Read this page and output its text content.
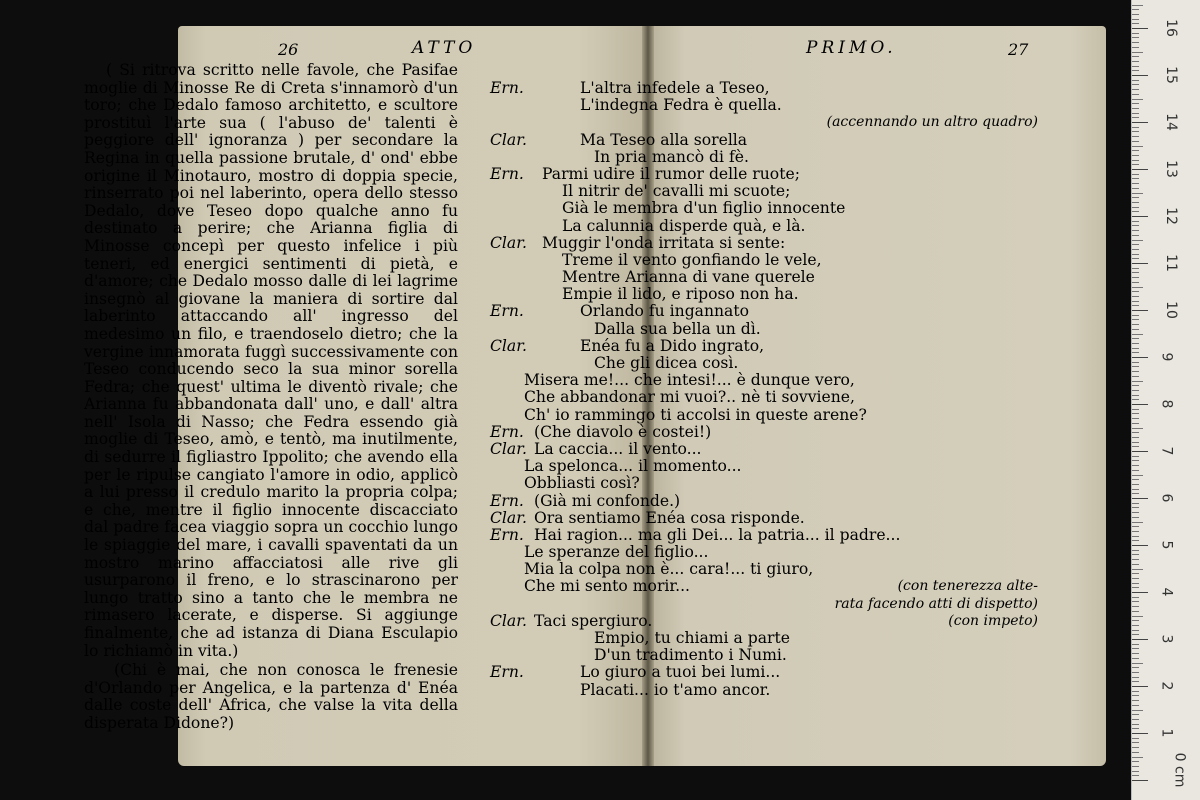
26	ATTO

( Si ritrova scritto nelle favole, che Pasifae moglie di Minosse Re di Creta s'innamorò d'un toro; che Dedalo famoso architetto, e scultore prostituì l'arte sua ( l'abuso de' talenti è peggiore dell' ignoranza ) per secondare la Regina in quella passione brutale, d' ond' ebbe origine il Minotauro, mostro di doppia specie, rinserrato poi nel laberinto, opera dello stesso Dedalo, dove Teseo dopo qualche anno fu destinato a perire; che Arianna figlia di Minosse concepì per questo infelice i più teneri, ed energici sentimenti di pietà, e d'amore; che Dedalo mosso dalle di lei lagrime insegnò al giovane la maniera di sortire dal laberinto attaccando all' ingresso del medesimo un filo, e traendoselo dietro; che la vergine innamorata fuggì successivamente con Teseo conducendo seco la sua minor sorella Fedra; che quest' ultima le diventò rivale; che Arianna fu abbandonata dall' uno, e dall' altra nell' Isola di Nasso; che Fedra essendo già moglie di Teseo, amò, e tentò, ma inutilmente, di sedurre il figliastro Ippolito; che avendo ella per le ripulse cangiato l'amore in odio, applicò a lui presso il credulo marito la propria colpa; e che, mentre il figlio innocente discacciato dal padre facea viaggio sopra un cocchio lungo le spiaggie del mare, i cavalli spaventati da un mostro marino affacciatosi alle rive gli usurparono il freno, e lo strascinarono per lungo tratto sino a tanto che le membra ne rimasero lacerate, e disperse. Si aggiunge finalmente, che ad istanza di Diana Esculapio lo richiamò in vita.)

(Chi è mai, che non conosca le frenesie d'Orlando per Angelica, e la partenza d' Enéa dalle coste dell' Africa, che valse la vita della disperata Didone?)

PRIMO.	27
Ern.	L'altra infedele a Teseo,
L'indegna Fedra è quella.
(accennando un altro quadro)
Clar.	Ma Teseo alla sorella
In pria mancò di fè.
Ern. Parmi udire il rumor delle ruote;
Il nitrir de' cavalli mi scuote;
Già le membra d'un figlio innocente
La calunnia disperde quà, e là.
Clar. Muggir l'onda irritata si sente:
Treme il vento gonfiando le vele,
Mentre Arianna di vane querele
Empie il lido, e riposo non ha.
Ern.	Orlando fu ingannato
Dalla sua bella un dì.
Clar.	Enéa fu a Dido ingrato,
Che gli dicea così.
Misera me!... che intesi!... è dunque vero,
Che abbandonar mi vuoi?.. nè ti sovviene,
Ch' io rammingo ti accolsi in queste arene?
Ern. (Che diavolo è costei!)
Clar. La caccia... il vento...
La spelonca... il momento...
Obbliasti così?
Ern. (Già mi confonde.)
Clar. Ora sentiamo Enéa cosa risponde.
Ern. Hai ragion... ma gli Dei... la patria... il padre...
Le speranze del figlio...
Mia la colpa non è... cara!... ti giuro,
Che mi sento morir...	(con tenerezza alte-
rata facendo atti di dispetto)
Clar. Taci spergiuro.	(con impeto)
Empio, tu chiami a parte
D'un tradimento i Numi.
Ern.	Lo giuro a tuoi bei lumi...
Placati... io t'amo ancor.
0 cm
1
2
3
4
5
6
7
8
9
10
11
12
13
14
15
16
